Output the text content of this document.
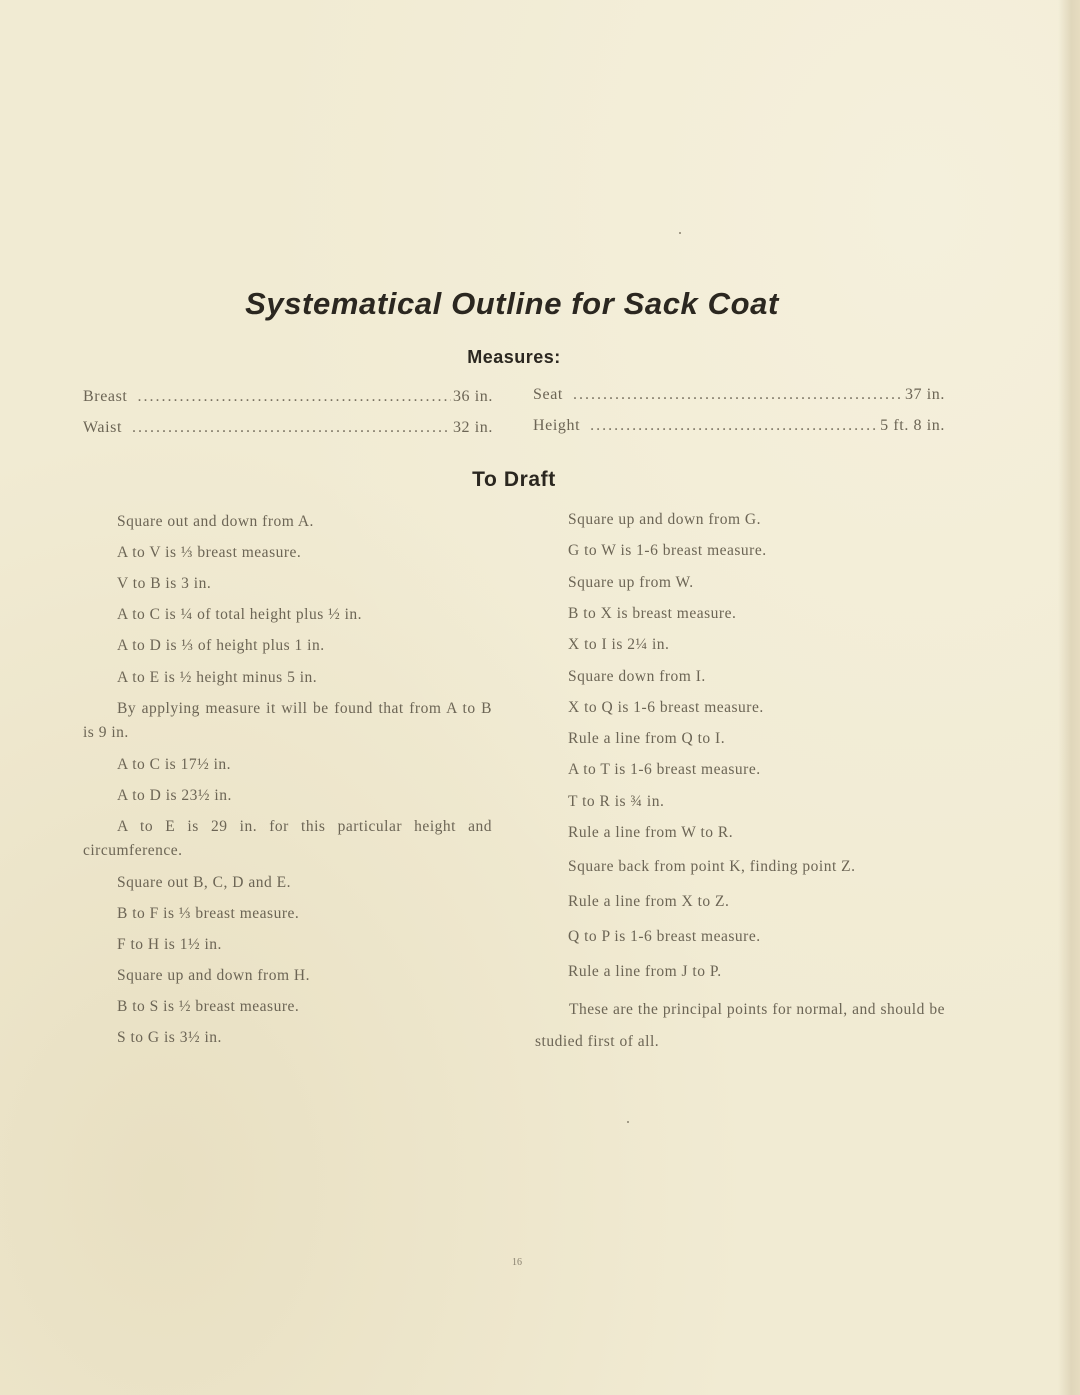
Systematical Outline for Sack Coat
Measures:
Breast .....	36 in.	Seat .....	37 in.
Waist .....	32 in.	Height .....	5 ft. 8 in.
To Draft
Square out and down from A.
A to V is ⅓ breast measure.
V to B is 3 in.
A to C is ¼ of total height plus ½ in.
A to D is ⅓ of height plus 1 in.
A to E is ½ height minus 5 in.
By applying measure it will be found that from A to B is 9 in.
A to C is 17½ in.
A to D is 23½ in.
A to E is 29 in. for this particular height and circumference.
Square out B, C, D and E.
B to F is ⅓ breast measure.
F to H is 1½ in.
Square up and down from H.
B to S is ½ breast measure.
S to G is 3½ in.
Square up and down from G.
G to W is 1-6 breast measure.
Square up from W.
B to X is breast measure.
X to I is 2¼ in.
Square down from I.
X to Q is 1-6 breast measure.
Rule a line from Q to I.
A to T is 1-6 breast measure.
T to R is ¾ in.
Rule a line from W to R.
Square back from point K, finding point Z.
Rule a line from X to Z.
Q to P is 1-6 breast measure.
Rule a line from J to P.
These are the principal points for normal, and should be studied first of all.
16
